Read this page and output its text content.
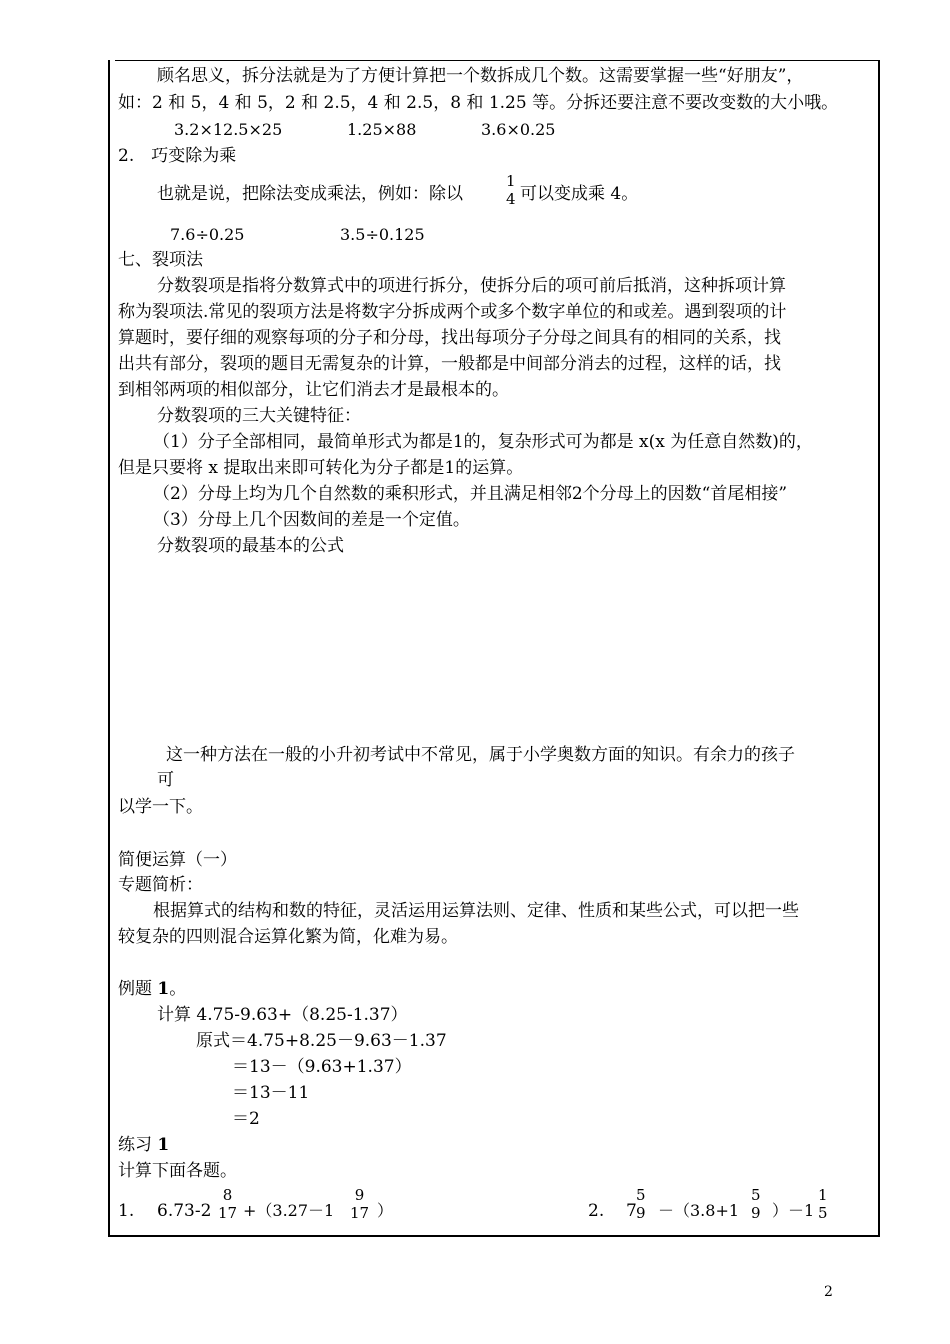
顾名思义，拆分法就是为了方便计算把一个数拆成几个数。这需要掌握一些“好朋友”，
如：2 和 5，4 和 5，2 和 2.5，4 和 2.5，8 和 1.25 等。分拆还要注意不要改变数的大小哦。
3.2×12.5×25	1.25×88	3.6×0.25
2.　巧变除为乘
也就是说，把除法变成乘法，例如：除以
1
4 可以变成乘 4。
7.6÷0.25	3.5÷0.125
七、裂项法
分数裂项是指将分数算式中的项进行拆分，使拆分后的项可前后抵消，这种拆项计算
称为裂项法.常见的裂项方法是将数字分拆成两个或多个数字单位的和或差。遇到裂项的计
算题时，要仔细的观察每项的分子和分母，找出每项分子分母之间具有的相同的关系，找
出共有部分，裂项的题目无需复杂的计算，一般都是中间部分消去的过程，这样的话，找
到相邻两项的相似部分，让它们消去才是最根本的。
分数裂项的三大关键特征：
（1）分子全部相同，最简单形式为都是1的，复杂形式可为都是 x(x 为任意自然数)的，
但是只要将 x 提取出来即可转化为分子都是1的运算。
（2）分母上均为几个自然数的乘积形式，并且满足相邻2个分母上的因数“首尾相接”
（3）分母上几个因数间的差是一个定值。
分数裂项的最基本的公式
这一种方法在一般的小升初考试中不常见，属于小学奥数方面的知识。有余力的孩子
可
以学一下。
简便运算（一）
专题简析：
根据算式的结构和数的特征，灵活运用运算法则、定律、性质和某些公式，可以把一些
较复杂的四则混合运算化繁为简，化难为易。
例题 1。
计算 4.75-9.63+（8.25-1.37）
原式＝4.75+8.25－9.63－1.37
＝13－（9.63+1.37）
＝13－11
＝2
练习 1
计算下面各题。
1. 6.73-2
8
17 +（3.27－1
9
17 ）	2. 7
5
9 －（3.8+1
5
9 ）－1
1
5
2
